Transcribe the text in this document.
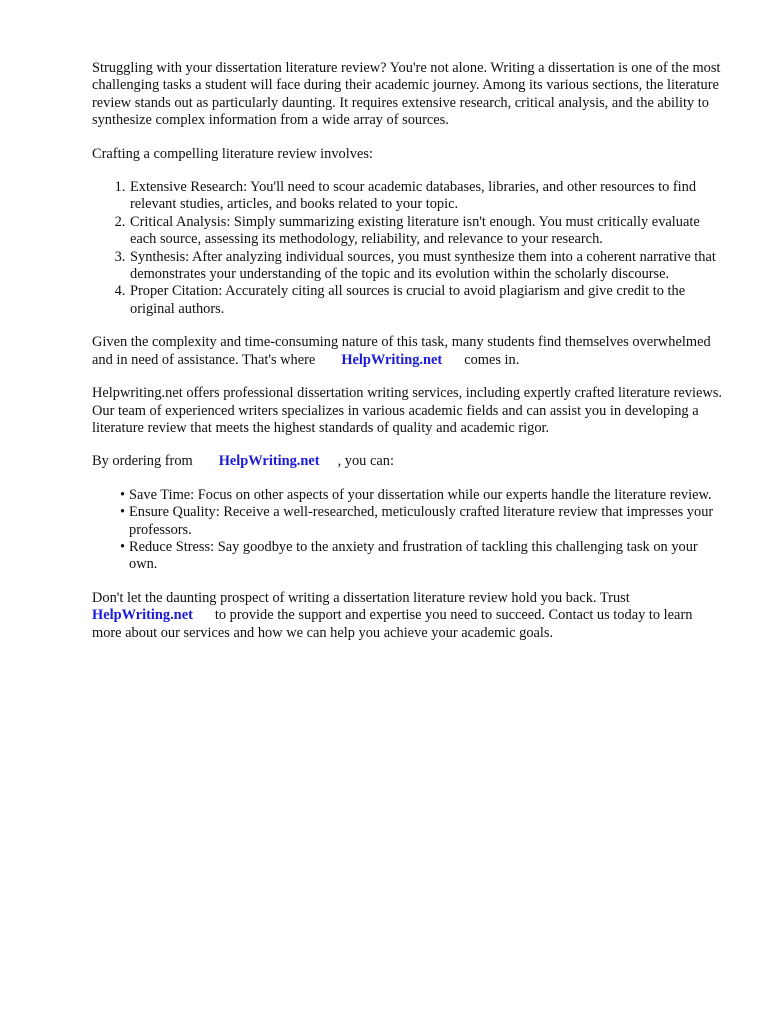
Struggling with your dissertation literature review? You're not alone. Writing a dissertation is one of the most challenging tasks a student will face during their academic journey. Among its various sections, the literature review stands out as particularly daunting. It requires extensive research, critical analysis, and the ability to synthesize complex information from a wide array of sources.

Crafting a compelling literature review involves:

1. Extensive Research: You'll need to scour academic databases, libraries, and other resources to find relevant studies, articles, and books related to your topic.
2. Critical Analysis: Simply summarizing existing literature isn't enough. You must critically evaluate each source, assessing its methodology, reliability, and relevance to your research.
3. Synthesis: After analyzing individual sources, you must synthesize them into a coherent narrative that demonstrates your understanding of the topic and its evolution within the scholarly discourse.
4. Proper Citation: Accurately citing all sources is crucial to avoid plagiarism and give credit to the original authors.

Given the complexity and time-consuming nature of this task, many students find themselves overwhelmed and in need of assistance. That's where HelpWriting.net comes in.

Helpwriting.net offers professional dissertation writing services, including expertly crafted literature reviews. Our team of experienced writers specializes in various academic fields and can assist you in developing a literature review that meets the highest standards of quality and academic rigor.

By ordering from HelpWriting.net , you can:

• Save Time: Focus on other aspects of your dissertation while our experts handle the literature review.
• Ensure Quality: Receive a well-researched, meticulously crafted literature review that impresses your professors.
• Reduce Stress: Say goodbye to the anxiety and frustration of tackling this challenging task on your own.

Don't let the daunting prospect of writing a dissertation literature review hold you back. Trust HelpWriting.net to provide the support and expertise you need to succeed. Contact us today to learn more about our services and how we can help you achieve your academic goals.
